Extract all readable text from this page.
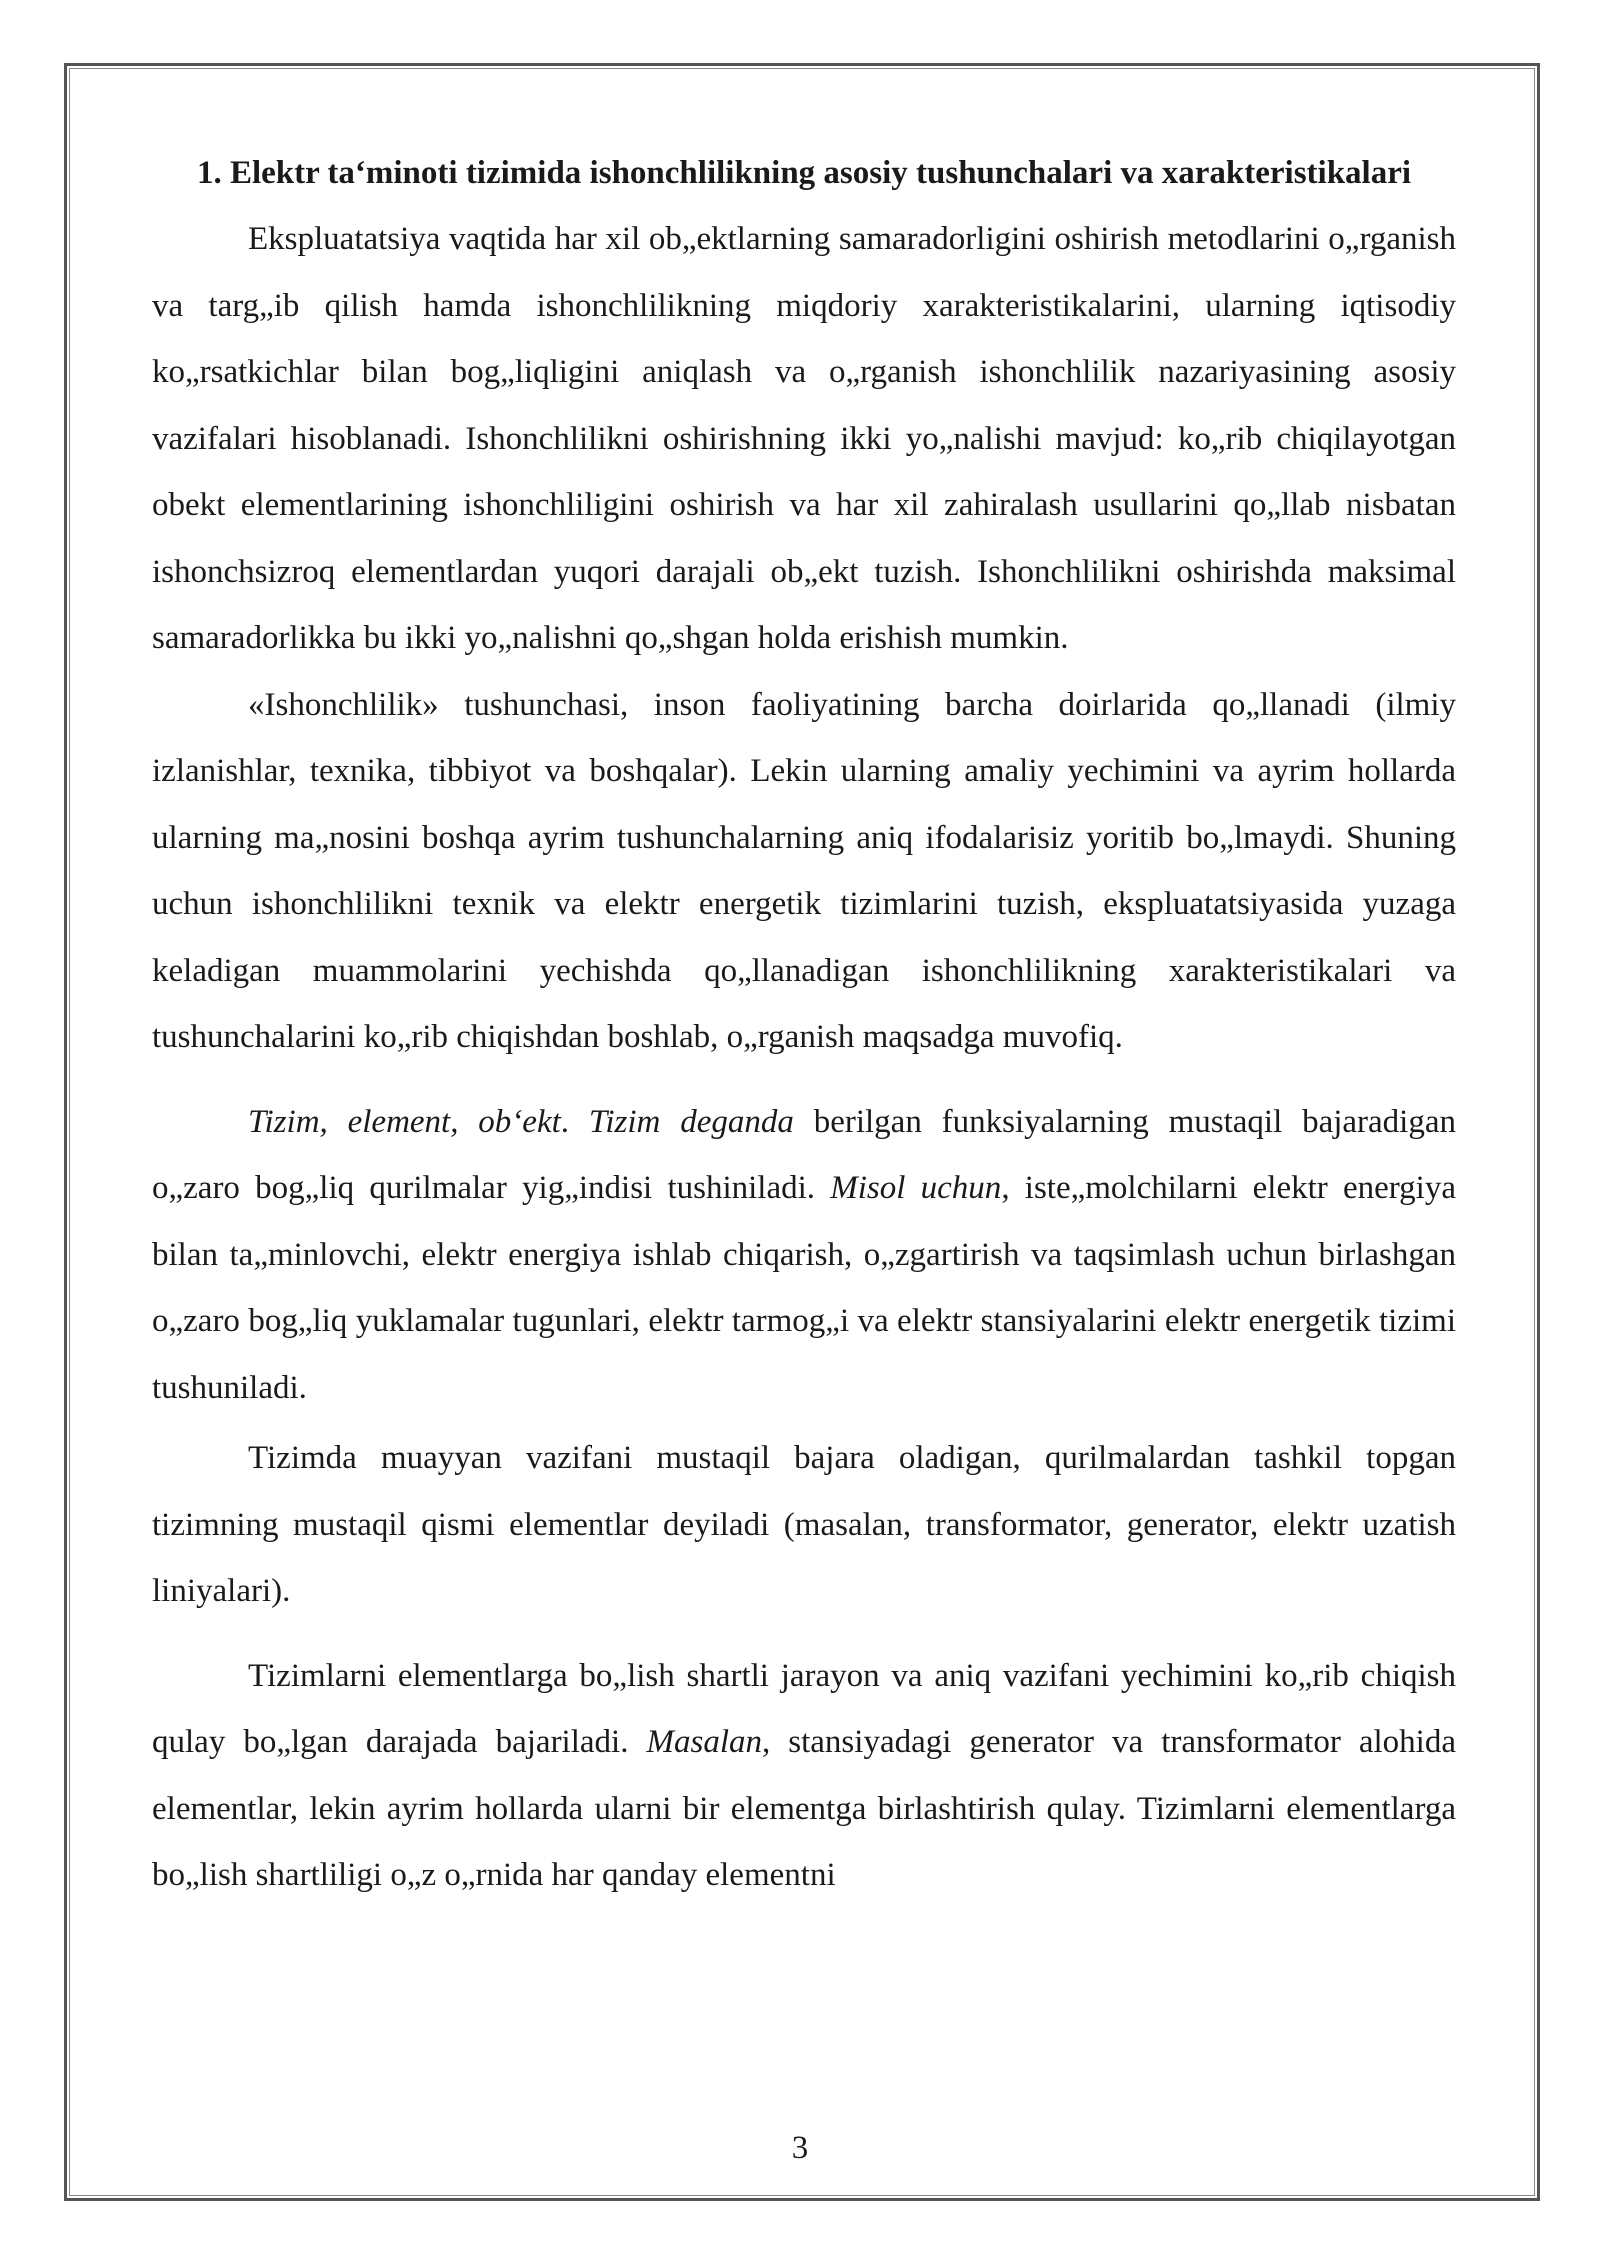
1. Elektr ta‘minoti tizimida ishonchlilikning asosiy tushunchalari va xarakteristikalari

Ekspluatatsiya vaqtida har xil ob„ektlarning samaradorligini oshirish metodlarini o„rganish va targ„ib qilish hamda ishonchlilikning miqdoriy xarakteristikalarini, ularning iqtisodiy ko„rsatkichlar bilan bog„liqligini aniqlash va o„rganish ishonchlilik nazariyasining asosiy vazifalari hisoblanadi. Ishonchlilikni oshirishning ikki yo„nalishi mavjud: ko„rib chiqilayotgan obekt elementlarining ishonchliligini oshirish va har xil zahiralash usullarini qo„llab nisbatan ishonchsizroq elementlardan yuqori darajali ob„ekt tuzish. Ishonchlilikni oshirishda maksimal samaradorlikka bu ikki yo„nalishni qo„shgan holda erishish mumkin.

«Ishonchlilik» tushunchasi, inson faoliyatining barcha doirlarida qo„llanadi (ilmiy izlanishlar, texnika, tibbiyot va boshqalar). Lekin ularning amaliy yechimini va ayrim hollarda ularning ma„nosini boshqa ayrim tushunchalarning aniq ifodalarisiz yoritib bo„lmaydi. Shuning uchun ishonchlilikni texnik va elektr energetik tizimlarini tuzish, ekspluatatsiyasida yuzaga keladigan muammolarini yechishda qo„llanadigan ishonchlilikning xarakteristikalari va tushunchalarini ko„rib chiqishdan boshlab, o„rganish maqsadga muvofiq.

Tizim, element, ob‘ekt. Tizim deganda berilgan funksiyalarning mustaqil bajaradigan o„zaro bog„liq qurilmalar yig„indisi tushiniladi. Misol uchun, iste„molchilarni elektr energiya bilan ta„minlovchi, elektr energiya ishlab chiqarish, o„zgartirish va taqsimlash uchun birlashgan o„zaro bog„liq yuklamalar tugunlari, elektr tarmog„i va elektr stansiyalarini elektr energetik tizimi tushuniladi.

Tizimda muayyan vazifani mustaqil bajara oladigan, qurilmalardan tashkil topgan tizimning mustaqil qismi elementlar deyiladi (masalan, transformator, generator, elektr uzatish liniyalari).

Tizimlarni elementlarga bo„lish shartli jarayon va aniq vazifani yechimini ko„rib chiqish qulay bo„lgan darajada bajariladi. Masalan, stansiyadagi generator va transformator alohida elementlar, lekin ayrim hollarda ularni bir elementga birlashtirish qulay. Tizimlarni elementlarga bo„lish shartliligi o„z o„rnida har qanday elementni

3
